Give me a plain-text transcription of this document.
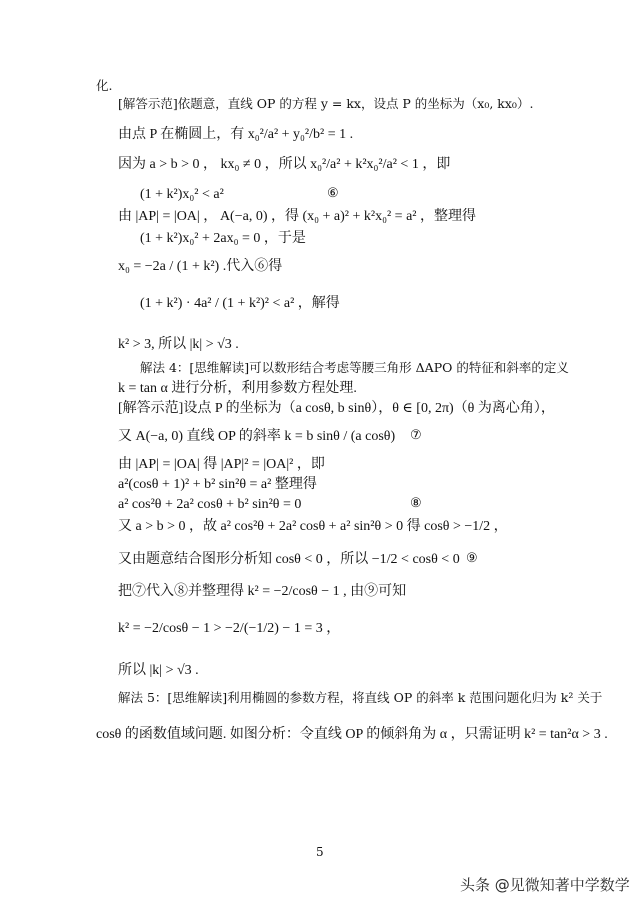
化.
[解答示范]依题意，直线 OP 的方程 y = kx，设点 P 的坐标为（x₀, kx₀）.
由点 P 在椭圆上，有 x₀²/a² + y₀²/b² = 1 .
因为 a > b > 0 ， kx₀ ≠ 0 ，所以 x₀²/a² + k²x₀²/a² < 1 ，即
(1 + k²)x₀² < a²
由 |AP| = |OA| ， A(−a, 0) ，得 (x₀ + a)² + k²x₀² = a² ，整理得
(1 + k²)x₀² + 2ax₀ = 0 ，于是
x₀ = −2a / (1 + k²) .代入⑥得
(1 + k²) · 4a² / (1 + k²)² < a² ，解得
k² > 3, 所以 |k| > √3 .
解法 4：[思维解读]可以数形结合考虑等腰三角形 ΔAPO 的特征和斜率的定义
k = tan α 进行分析，利用参数方程处理.
[解答示范]设点 P 的坐标为（a cosθ, b sinθ），θ ∈ [0, 2π)（θ 为离心角），
又 A(−a, 0) 直线 OP 的斜率 k = b sinθ / (a cosθ)
由 |AP| = |OA| 得 |AP|² = |OA|² ，即
a²(cosθ + 1)² + b² sin²θ = a² 整理得
a² cos²θ + 2a² cosθ + b² sin²θ = 0
又 a > b > 0 ，故 a² cos²θ + 2a² cosθ + a² sin²θ > 0 得 cosθ > −1/2 ，
又由题意结合图形分析知 cosθ < 0 ，所以 −1/2 < cosθ < 0
把⑦代入⑧并整理得 k² = −2/cosθ − 1 , 由⑨可知
k² = −2/cosθ − 1 > −2/(−1/2) − 1 = 3 ，
所以 |k| > √3 .
解法 5：[思维解读]利用椭圆的参数方程，将直线 OP 的斜率 k 范围问题化归为 k² 关于
cosθ 的函数值域问题. 如图分析：令直线 OP 的倾斜角为 α ，只需证明 k² = tan²α > 3 .
⑥
⑦
⑧
⑨
5
头条 @见微知著中学数学
